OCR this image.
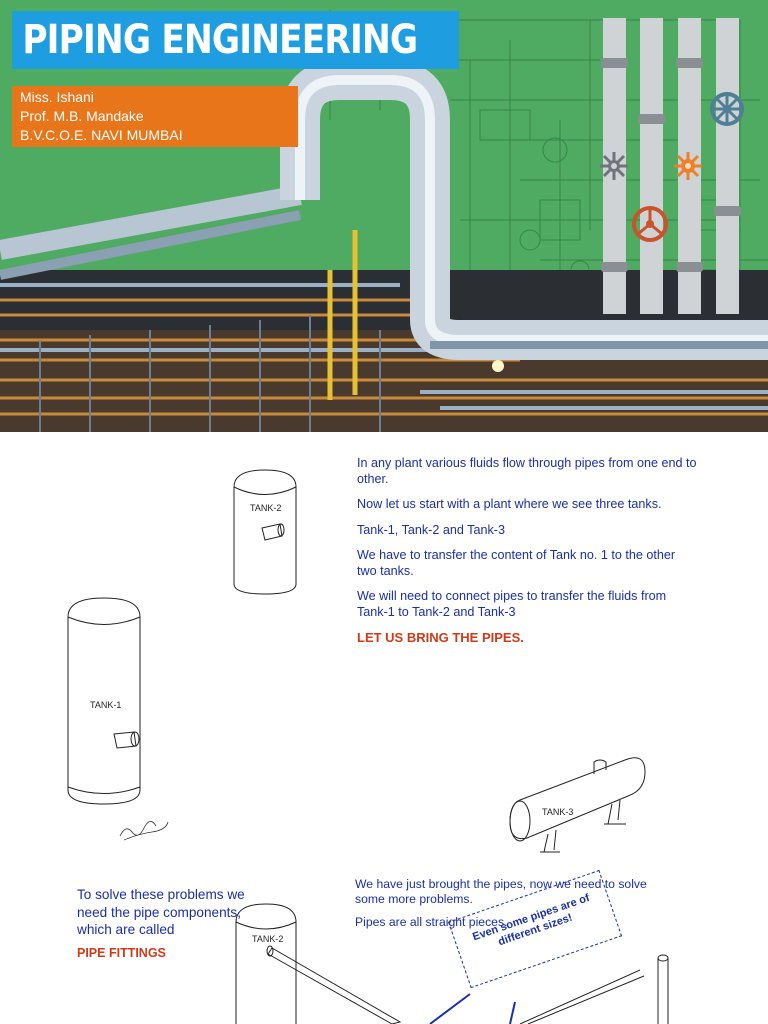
PIPING ENGINEERING
Miss. Ishani
Prof. M.B. Mandake
B.V.C.O.E. NAVI MUMBAI
TANK-2
TANK-1
TANK-3

In any plant various fluids flow through pipes from one end to other.

Now let us start with a plant where we see three tanks.

Tank-1, Tank-2 and Tank-3

We have to transfer the content of Tank no. 1 to the other two tanks.

We will need to connect pipes to transfer the fluids from Tank-1 to Tank-2 and Tank-3

LET US BRING THE PIPES.

To solve these problems we need the pipe components, which are called
PIPE FITTINGS
TANK-2

We have just brought the pipes, now we need to solve some more problems.

Pipes are all straight pieces.

Even some pipes are of different sizes!
